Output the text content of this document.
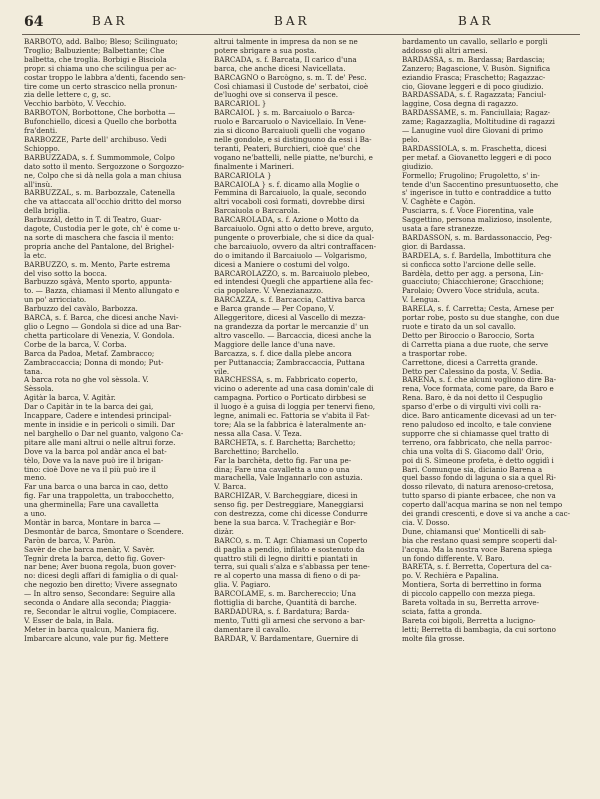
64	BAR	BAR	BAR
BARBÒTO, add. Balbo; Bleso; Scilinguato;
Troglio; Balbuziente; Balbettante; Che
balbetta, che troglia. Borbigi e Bisciola
propr. si chiama uno che scilingua per ac-
costar troppo le labbra a'denti, facendo sen-
tire come un certo strascico nella pronun-
zia delle lettere c, g, sc.
Vecchio barbòto, V. Vecchio.
BARBOTON, Borbottone, Che borbotta —
Bufonchiello, dicesi a Quello che borbotta
fra'denti.
BARBOZZE, Parte dell' archibuso. Vedi
Schioppo.
BARBUZZÀDA, s. f. Summommole, Colpo
dato sotto il mento. Sergozzone o Sorgozzo-
ne, Colpo che si dà nella gola a man chiusa
all'insù.
BARBUZZÀL, s. m. Barbozzale, Catenella
che va attaccata all'occhio dritto del morso
della briglia.
Barbuzzàl, detto in T. di Teatro, Guar-
dagote, Custodia per le gote, ch' è come u-
na sorte di maschera che fascia il mento:
propria anche del Pantalone, del Brighel-
la etc.
BARBUZZO, s. m. Mento, Parte estrema
del viso sotto la bocca.
Barbuzzo sgàvà, Mento sporto, appunta-
to. — Bazza, chiamasi il Mento allungato e
un po' arricciato.
Barbuzzo del cavàlo, Barbozza.
BARCA, s. f. Barca, che dicesi anche Navi-
glio o Legno — Gondola si dice ad una Bar-
chetta particolare di Venezia, V. Gondola.
Corbe de la barca, V. Corba.
Barca da Padoa, Metaf. Zambracco;
Zambraccaccia; Donna di mondo; Put-
tana.
A barca rota no ghe vol sèssola. V.
Sèssola.
Agitàr la barca, V. Agitàr.
Dar o Capitàr in te la barca dei gai,
Incappare, Cadere e intendesi principal-
mente in insidie e in pericoli o simili. Dar
nel barghello o Dar nel guanto, valgono Ca-
pitare alle mani altrui o nelle altrui forze.
Dove va la barca pol andàr anca el bat-
tèlo, Dove va la nave può ire il brigan-
tino: cioè Dove ne va il più può ire il
meno.
Far una barca o una barca in cao, detto
fig. Far una trappoletta, un trabocchetto,
una gherminella; Fare una cavalletta
a uno.
Montàr in barca, Montare in barca —
Desmontàr de barca, Smontare o Scendere.
Paròn de barca, V. Paròn.
Savèr de che barca menàr, V. Savèr.
Tegnìr dreta la barca, detto fig. Gover-
nar bene; Aver buona regola, buon gover-
no: dicesi degli affari di famiglia o di qual-
che negozio ben diretto; Vivere assegnato
— In altro senso, Secondare: Seguire alla
seconda o Andare alla seconda; Piaggia-
re, Secondar le altrui voglie, Compiacere.
V. Esser de bala, in Bala.
Meter in barca qualcun, Maniera fig.
Imbarcare alcuno, vale pur fig. Mettere
altrui talmente in impresa da non se ne
potere sbrigare a sua posta.
BARCADA, s. f. Barcata, Il carico d'una
barca, che anche dicesi Navicellata.
BARCAGNO o Barcògno, s. m. T. de' Pesc.
Così chiamasi il Custode de' serbatoi, cioè
de'luoghi ove si conserva il pesce.
BARCARIÒL }
BARCAIÒL } s. m. Barcaiuolo o Barca-
ruolo e Barcaruolo o Navicellaio. In Vene-
zia si dicono Barcaiuoli quelli che vogano
nelle gondole, e si distinguono da essi i Ba-
teranti, Peateri, Burchieri, cioè que' che
vogano ne'battelli, nelle piatte, ne'burchi, e
finalmente i Marineri.
BARCARIÒLA }
BARCAIÒLA } s. f. dicamo alla Moglie o
Femmina di Barcaiuolo, la quale, secondo
altri vocaboli così formati, dovrebbe dirsi
Barcaiuola o Barcarola.
BARCAROLÀDA, s. f. Azione o Motto da
Barcaiuolo. Ogni atto o detto breve, arguto,
pungente o proverbiale, che si dice da qual-
che barcaiuolo, ovvero da altri contraffacen-
do o imitando il Barcaiuolo — Volgarismo,
dicesi a Maniere o costumi del volgo.
BARCAROLAZZO, s. m. Barcaiuolo plebeo,
ed intendesi Quegli che appartiene alla fec-
cia popolare. V. Venezianazzo.
BARCAZZA, s. f. Barcaccia, Cattiva barca
e Barca grande — Per Copano, V.
Alleggeritore, dicesi al Vascello di mezza-
na grandezza da portar le mercanzie d' un
altro vascello. — Barcaccia, dicesi anche la
Maggiore delle lance d'una nave.
Barcazza, s. f. dice dalla plebe ancora
per Puttanaccia; Zambraccaccia, Puttana
vile.
BARCHESSA, s. m. Fabbricato coperto,
vicino o aderente ad una casa domin'cale di
campagna. Portico o Porticato dirbbesi se
il luogo è a guisa di loggia per tenervi fieno,
legne, animali ec. Fattoria se v'abita il Fat-
tore; Ala se la fabbrica è lateralmente an-
nessa alla Casa. V. Teza.
BARCHÈTA, s. f. Barchetta; Barchetto;
Barchettino; Barchello.
Far la barchèta, detto fig. Far una pe-
dina; Fare una cavalletta a uno o una
marachella, Vale Ingannarlo con astuzia.
V. Barca.
BARCHIZÀR, V. Barcheggiare, dicesi in
senso fig. per Destreggiare, Maneggiarsi
con destrezza, come chi dicesse Condurre
bene la sua barca. V. Trachegiàr e Bor-
dizàr.
BARCO, s. m. T. Agr. Chiamasi un Coperto
di paglia a pendio, infilato e sostenuto da
quattro stili di legno diritti e piantati in
terra, sui quali s'alza e s'abbassa per tene-
re al coperto una massa di fieno o di pa-
glia. V. Pagiaro.
BARCOLÀME, s. m. Barchereccio; Una
flottiglia di barche, Quantità di barche.
BARDADURA, s. f. Bardatura; Barda-
mento, Tutti gli arnesi che servono a bar-
damentare il cavallo.
BARDÀR, V. Bardamentare, Guernire di
bardamento un cavallo, sellarlo e porgli
addosso gli altri arnesi.
BARDASSA, s. m. Bardassa; Bardascia;
Zanzero; Bagascione, V. Busòn. Significa
eziandio Frasca; Fraschetto; Ragazzac-
cio, Giovane leggeri e di poco giudizio.
BARDASSADA, s. f. Ragazzata; Fanciul-
laggine, Cosa degna di ragazzo.
BARDASSÀME, s. m. Fanciullaia; Ragaz-
zame; Ragazzaglia, Moltitudine di ragazzi
— Lanugine vuol dire Giovani di primo
pelo.
BARDASSIÒLA, s. m. Fraschetta, dicesi
per metaf. a Giovanetto leggeri e di poco
giudizio.
Formello; Frugolino; Frugoletto, s' in-
tende d'un Saccentino presuntuosetto, che
s' ingerisce in tutto e contraddice a tutto
V. Caghète e Cagòn.
Pusciarra, s. f. Voce Fiorentina, vale
Saggettino, persona malizioso, insolente,
usata a fare stranezze.
BARDASSON, s. m. Bardassonaccio, Peg-
gior. di Bardassa.
BARDÈLA, s. f. Bardella, Imbottitura che
si conficca sotto l'arcione delle selle.
Bardèla, detto per agg. a persona, Lin-
guacciuto; Chiacchierone; Gracchione;
Parolaio; Ovvero Voce stridula, acuta.
V. Lengua.
BARÈLA, s. f. Carretta; Cesta, Arnese per
portar robe, posto su due stanghe, con due
ruote e tirato da un sol cavallo.
Detto per Biroccio o Baroccio, Sorta
di Carretta piana a due ruote, che serve
a trasportar robe.
Carrettone, dicesi a Carretta grande.
Detto per Calessino da posta, V. Sedia.
BARENA, s. f. che alcuni vogliono dire Ba-
rena, Voce formata, come pare, da Baro e
Rena. Baro, è da noi detto il Cespuglio
sparso d'erbe o di virgulti vivi colli ra-
dice. Baro anticamente dicevasi ad un ter-
reno paludoso ed incolto, e tale conviene
supporre che si chiamasse quel tratto di
terreno, ora fabbricato, che nella parroc-
chia una volta di S. Giacomo dall' Orio,
poi di S. Simeone profeta, è detto oggidì i
Bari. Comunque sia, dicianio Barena a
quel basso fondo di laguna o sia a quel Ri-
dosso rilevato, di natura arenoso-cretosa,
tutto sparso di piante erbacee, che non va
coperto dall'acqua marina se non nel tempo
dei grandi crescenti, e dove si va anche a cac-
cia. V. Dosso.
Dune, chiamansi que' Monticelli di sab-
bia che restano quasi sempre scoperti dal-
l'acqua. Ma la nostra voce Barena spiega
un fondo differente. V. Baro.
BARETA, s. f. Berretta, Copertura del ca-
po. V. Rechièra e Papalina.
Montiera, Sorta di berrettino in forma
di piccolo cappello con mezza piega.
Bareta voltada in su, Berretta arrove-
sciata, fatta a gronda.
Bareta coi bigoli, Berretta a lucigno-
letti; Berretta di bambagia, da cui sortono
molte fila grosse.
